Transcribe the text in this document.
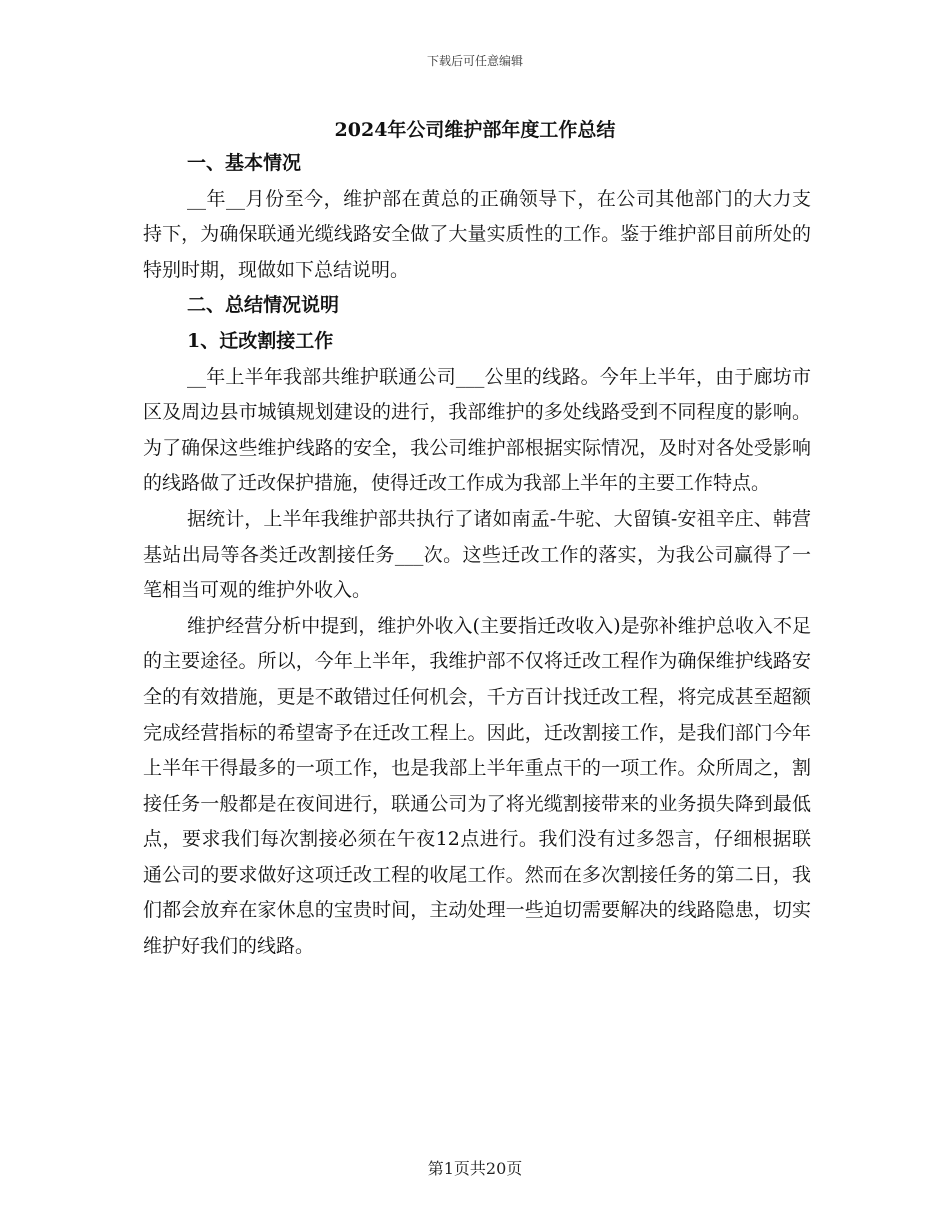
下载后可任意编辑
2024年公司维护部年度工作总结

一、基本情况

__年__月份至今，维护部在黄总的正确领导下，在公司其他部门的大力支持下，为确保联通光缆线路安全做了大量实质性的工作。鉴于维护部目前所处的特别时期，现做如下总结说明。

二、总结情况说明

1、迁改割接工作

__年上半年我部共维护联通公司___公里的线路。今年上半年，由于廊坊市区及周边县市城镇规划建设的进行，我部维护的多处线路受到不同程度的影响。为了确保这些维护线路的安全，我公司维护部根据实际情况，及时对各处受影响的线路做了迁改保护措施，使得迁改工作成为我部上半年的主要工作特点。

据统计，上半年我维护部共执行了诸如南孟-牛驼、大留镇-安祖辛庄、韩营基站出局等各类迁改割接任务___次。这些迁改工作的落实，为我公司赢得了一笔相当可观的维护外收入。

维护经营分析中提到，维护外收入(主要指迁改收入)是弥补维护总收入不足的主要途径。所以，今年上半年，我维护部不仅将迁改工程作为确保维护线路安全的有效措施，更是不敢错过任何机会，千方百计找迁改工程，将完成甚至超额完成经营指标的希望寄予在迁改工程上。因此，迁改割接工作，是我们部门今年上半年干得最多的一项工作，也是我部上半年重点干的一项工作。众所周之，割接任务一般都是在夜间进行，联通公司为了将光缆割接带来的业务损失降到最低点，要求我们每次割接必须在午夜12点进行。我们没有过多怨言，仔细根据联通公司的要求做好这项迁改工程的收尾工作。然而在多次割接任务的第二日，我们都会放弃在家休息的宝贵时间，主动处理一些迫切需要解决的线路隐患，切实维护好我们的线路。

第1页共20页
